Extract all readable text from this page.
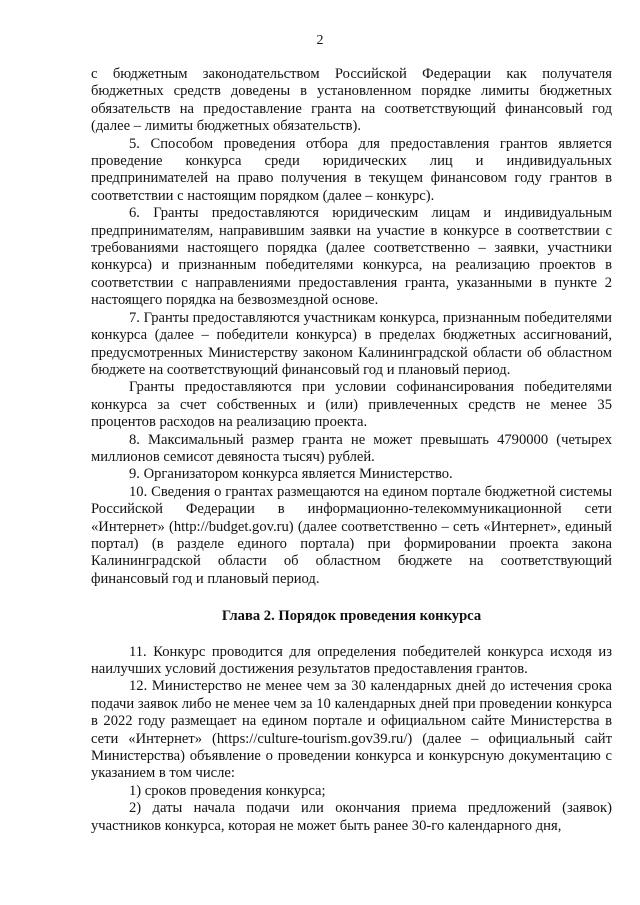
2

с бюджетным законодательством Российской Федерации как получателя бюджетных средств доведены в установленном порядке лимиты бюджетных обязательств на предоставление гранта на соответствующий финансовый год (далее – лимиты бюджетных обязательств).

5. Способом проведения отбора для предоставления грантов является проведение конкурса среди юридических лиц и индивидуальных предпринимателей на право получения в текущем финансовом году грантов в соответствии с настоящим порядком (далее – конкурс).

6. Гранты предоставляются юридическим лицам и индивидуальным предпринимателям, направившим заявки на участие в конкурсе в соответствии с требованиями настоящего порядка (далее соответственно – заявки, участники конкурса) и признанным победителями конкурса, на реализацию проектов в соответствии с направлениями предоставления гранта, указанными в пункте 2 настоящего порядка на безвозмездной основе.

7. Гранты предоставляются участникам конкурса, признанным победителями конкурса (далее – победители конкурса) в пределах бюджетных ассигнований, предусмотренных Министерству законом Калининградской области об областном бюджете на соответствующий финансовый год и плановый период.

Гранты предоставляются при условии софинансирования победителями конкурса за счет собственных и (или) привлеченных средств не менее 35 процентов расходов на реализацию проекта.

8. Максимальный размер гранта не может превышать 4790000 (четырех миллионов семисот девяноста тысяч) рублей.

9. Организатором конкурса является Министерство.

10. Сведения о грантах размещаются на едином портале бюджетной системы Российской Федерации в информационно-телекоммуникационной сети «Интернет» (http://budget.gov.ru) (далее соответственно – сеть «Интернет», единый портал) (в разделе единого портала) при формировании проекта закона Калининградской области об областном бюджете на соответствующий финансовый год и плановый период.

Глава 2. Порядок проведения конкурса

11. Конкурс проводится для определения победителей конкурса исходя из наилучших условий достижения результатов предоставления грантов.

12. Министерство не менее чем за 30 календарных дней до истечения срока подачи заявок либо не менее чем за 10 календарных дней при проведении конкурса в 2022 году размещает на едином портале и официальном сайте Министерства в сети «Интернет» (https://culture-tourism.gov39.ru/) (далее – официальный сайт Министерства) объявление о проведении конкурса и конкурсную документацию с указанием в том числе:

1) сроков проведения конкурса;

2) даты начала подачи или окончания приема предложений (заявок) участников конкурса, которая не может быть ранее 30-го календарного дня,
